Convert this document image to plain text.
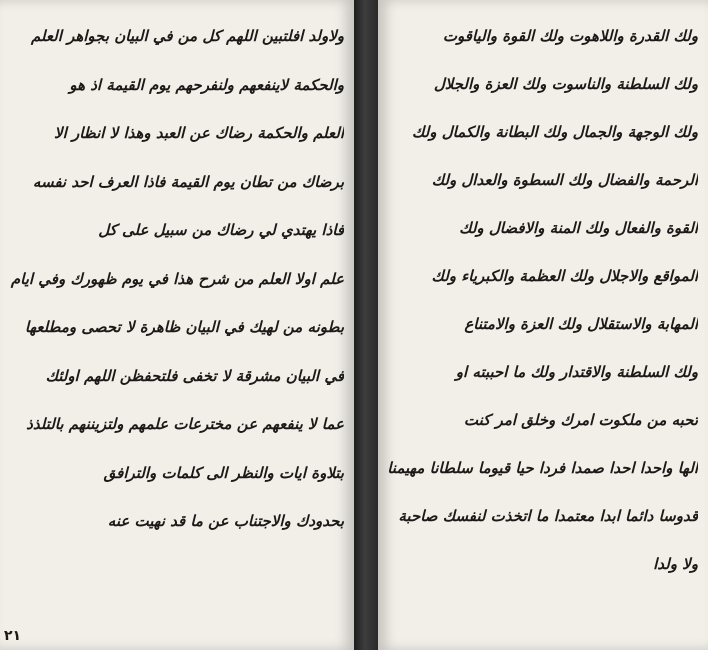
ولاولد افلتبين اللهم كل من في البيان بجواهر العلم
والحكمة لاينفعهم ولنفرحهم يوم القيمة اذ هو
العلم والحكمة رضاك عن العبد وهذا لا انظار الا
برضاك من تطان يوم القيمة فاذا العرف احد نفسه
فاذا يهتدي لي رضاك من سبيل على كل
علم اولا العلم من شرح هذا في يوم ظهورك وفي ايام
بطونه من لهيك في البيان ظاهرة لا تحصى ومطلعها
في البيان مشرقة لا تخفى فلتحفظن اللهم اولئك
عما لا ينفعهم عن مخترعات علمهم ولتزيننهم بالتلذذ
بتلاوة ايات والنظر الى كلمات والترافق
بحدودك والاجتناب عن ما قد نهيت عنه
٢١
ولك القدرة واللاهوت ولك القوة والياقوت
ولك السلطنة والناسوت ولك العزة والجلال
ولك الوجهة والجمال ولك البطانة والكمال ولك
الرحمة والفضال ولك السطوة والعدال ولك
القوة والفعال ولك المنة والافضال ولك
المواقع والاجلال ولك العظمة والكبرياء ولك
المهابة والاستقلال ولك العزة والامتناع
ولك السلطنة والاقتدار ولك ما احببته او
تحبه من ملكوت امرك وخلق امر كنت
الها واحدا احدا صمدا فردا حيا قيوما سلطانا مهيمنا
قدوسا دائما ابدا معتمدا ما اتخذت لنفسك صاحبة
ولا ولدا
